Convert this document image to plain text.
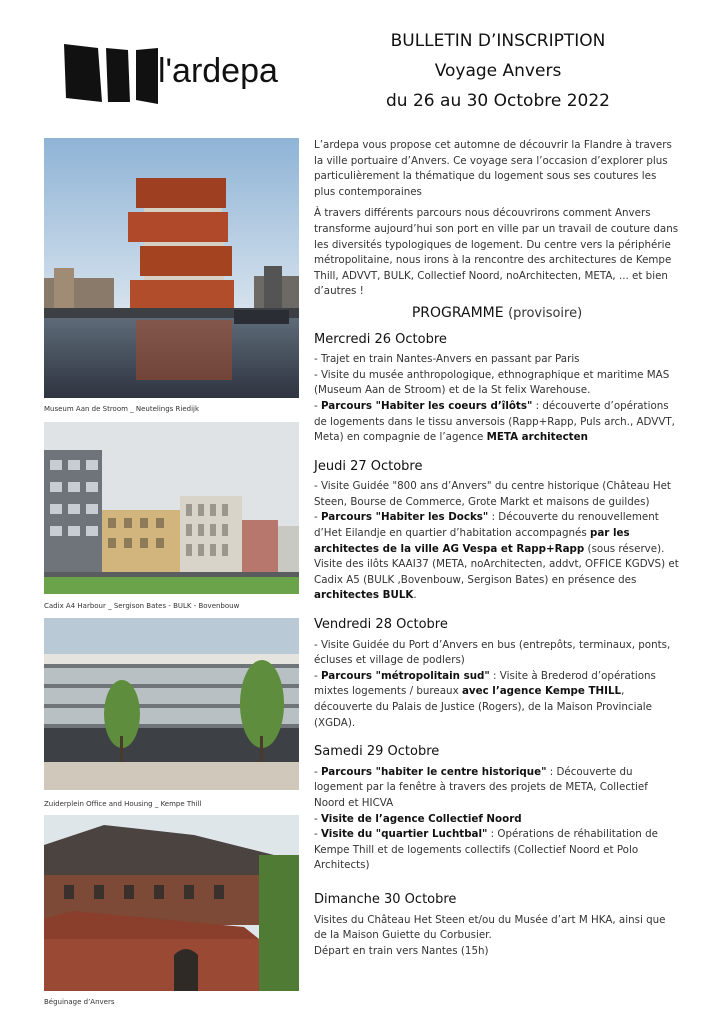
l'ardepa
BULLETIN D’INSCRIPTION
Voyage Anvers
du 26 au 30 Octobre 2022
Museum Aan de Stroom _ Neutelings Riedijk
Cadix A4 Harbour _ Sergison Bates - BULK - Bovenbouw
Zuiderplein Office and Housing _ Kempe Thill
Béguinage d’Anvers

L’ardepa vous propose cet automne de découvrir la Flandre à travers la ville portuaire d’Anvers. Ce voyage sera l’occasion d’explorer plus particulièrement la thématique du logement sous ses coutures les plus contemporaines

À travers différents parcours nous découvrirons comment Anvers transforme aujourd’hui son port en ville par un travail de couture dans les diversités typologiques de logement. Du centre vers la périphérie métropolitaine, nous irons à la rencontre des architectures de Kempe Thill, ADVVT, BULK, Collectief Noord, noArchitecten, META, ... et bien d’autres !

PROGRAMME (provisoire)
Mercredi 26 Octobre

- Trajet en train Nantes-Anvers en passant par Paris

- Visite du musée anthropologique, ethnographique et maritime MAS (Museum Aan de Stroom) et de la St felix Warehouse.

- Parcours "Habiter les coeurs d’îlôts" : découverte d’opérations de logements dans le tissu anversois (Rapp+Rapp, Puls arch., ADVVT, Meta) en compagnie de l’agence META architecten

Jeudi 27 Octobre

- Visite Guidée "800 ans d’Anvers" du centre historique (Château Het Steen, Bourse de Commerce, Grote Markt et maisons de guildes)

- Parcours "Habiter les Docks" : Découverte du renouvellement d’Het Eilandje en quartier d’habitation accompagnés par les architectes de la ville AG Vespa et Rapp+Rapp (sous réserve). Visite des ilôts KAAI37 (META, noArchitecten, addvt, OFFICE KGDVS) et Cadix A5 (BULK ,Bovenbouw, Sergison Bates) en présence des architectes BULK.

Vendredi 28 Octobre

- Visite Guidée du Port d’Anvers en bus (entrepôts, terminaux, ponts, écluses et village de podlers)

- Parcours "métropolitain sud" : Visite à Brederod d’opérations mixtes logements / bureaux avec l’agence Kempe THILL, découverte du Palais de Justice (Rogers), de la Maison Provinciale (XGDA).

Samedi 29 Octobre

- Parcours "habiter le centre historique" : Découverte du logement par la fenêtre à travers des projets de META, Collectief Noord et HICVA

- Visite de l’agence Collectief Noord

- Visite du "quartier Luchtbal" : Opérations de réhabilitation de Kempe Thill et de logements collectifs (Collectief Noord et Polo Architects)

Dimanche 30 Octobre

Visites du Château Het Steen et/ou du Musée d’art M HKA, ainsi que de la Maison Guiette du Corbusier.

Départ en train vers Nantes (15h)
